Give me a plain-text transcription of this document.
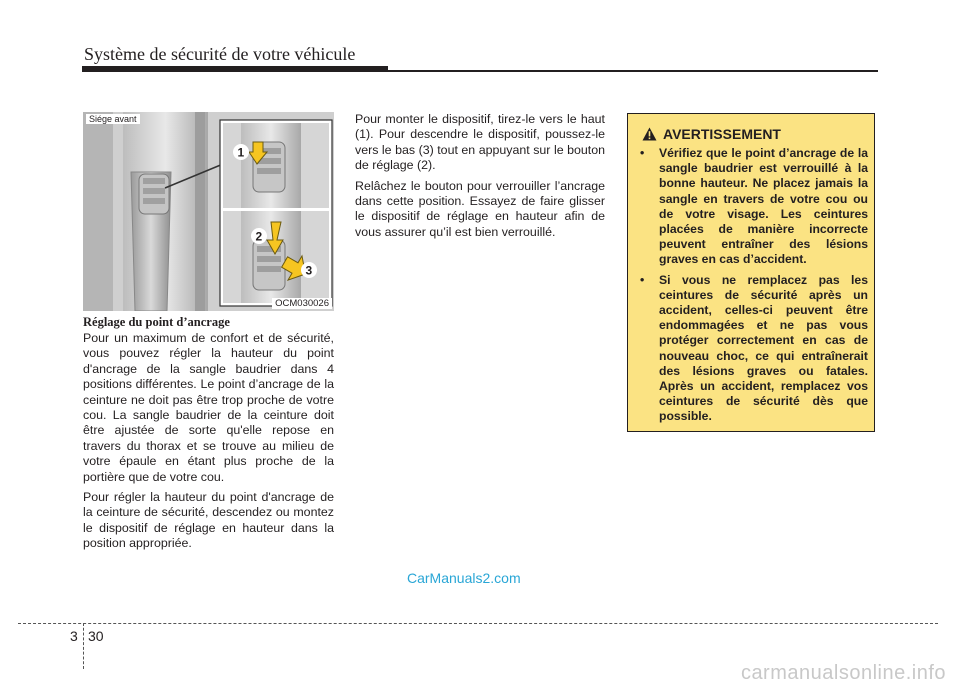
Système de sécurité de votre véhicule
1
2
3
Siége avant
OCM030026
Réglage du point d’ancrage

Pour un maximum de confort et de sécurité, vous pouvez régler la hauteur du point d'ancrage de la sangle baudrier dans 4 positions différentes. Le point d’ancrage de la ceinture ne doit pas être trop proche de votre cou. La sangle baudrier de la ceinture doit être ajustée de sorte qu'elle repose en travers du thorax et se trouve au milieu de votre épaule en étant plus proche de la portière que de votre cou.

Pour régler la hauteur du point d'ancrage de la ceinture de sécurité, descendez ou montez le dispositif de réglage en hauteur dans la position appropriée.

Pour monter le dispositif, tirez-le vers le haut (1). Pour descendre le dispositif, poussez-le vers le bas (3) tout en appuyant sur le bouton de réglage (2).

Relâchez le bouton pour verrouiller l’ancrage dans cette position. Essayez de faire glisser le dispositif de réglage en hauteur afin de vous assurer qu’il est bien verrouillé.

AVERTISSEMENT
• Vérifiez que le point d’ancrage de la sangle baudrier est verrouillé à la bonne hauteur. Ne placez jamais la sangle en travers de votre cou ou de votre visage. Les ceintures placées de manière incorrecte peuvent entraîner des lésions graves en cas d’accident.
• Si vous ne remplacez pas les ceintures de sécurité après un accident, celles-ci peuvent être endommagées et ne pas vous protéger correctement en cas de nouveau choc, ce qui entraînerait des lésions graves ou fatales. Après un accident, remplacez vos ceintures de sécurité dès que possible.
CarManuals2.com
3 30
carmanualsonline.info
